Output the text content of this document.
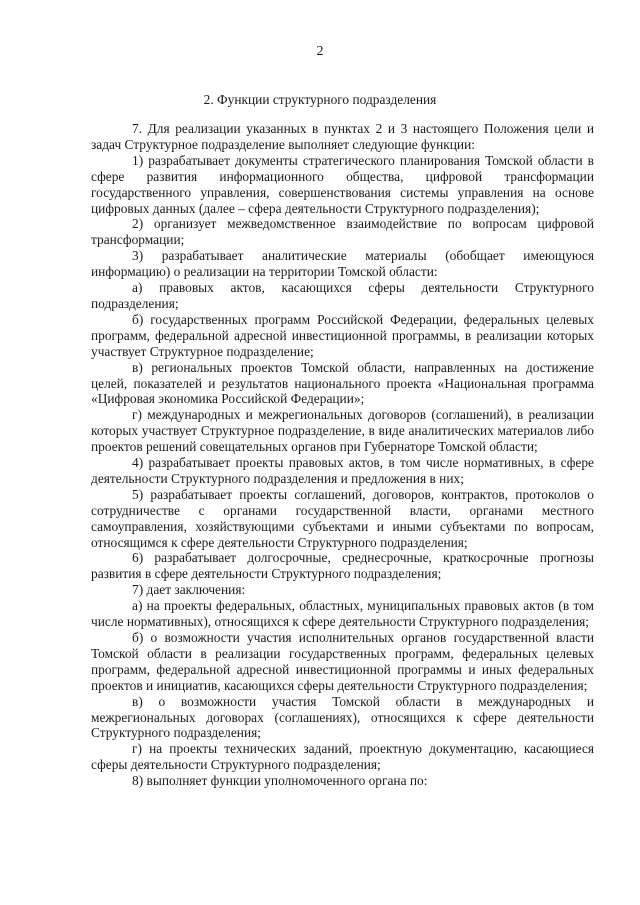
2
2. Функции структурного подразделения

7. Для реализации указанных в пунктах 2 и 3 настоящего Положения цели и задач Структурное подразделение выполняет следующие функции:

1) разрабатывает документы стратегического планирования Томской области в сфере развития информационного общества, цифровой трансформации государственного управления, совершенствования системы управления на основе цифровых данных (далее – сфера деятельности Структурного подразделения);

2) организует межведомственное взаимодействие по вопросам цифровой трансформации;

3) разрабатывает аналитические материалы (обобщает имеющуюся информацию) о реализации на территории Томской области:

а) правовых актов, касающихся сферы деятельности Структурного подразделения;

б) государственных программ Российской Федерации, федеральных целевых программ, федеральной адресной инвестиционной программы, в реализации которых участвует Структурное подразделение;

в) региональных проектов Томской области, направленных на достижение целей, показателей и результатов национального проекта «Национальная программа «Цифровая экономика Российской Федерации»;

г) международных и межрегиональных договоров (соглашений), в реализации которых участвует Структурное подразделение, в виде аналитических материалов либо проектов решений совещательных органов при Губернаторе Томской области;

4) разрабатывает проекты правовых актов, в том числе нормативных, в сфере деятельности Структурного подразделения и предложения в них;

5) разрабатывает проекты соглашений, договоров, контрактов, протоколов о сотрудничестве с органами государственной власти, органами местного самоуправления, хозяйствующими субъектами и иными субъектами по вопросам, относящимся к сфере деятельности Структурного подразделения;

6) разрабатывает долгосрочные, среднесрочные, краткосрочные прогнозы развития в сфере деятельности Структурного подразделения;

7) дает заключения:

а) на проекты федеральных, областных, муниципальных правовых актов (в том числе нормативных), относящихся к сфере деятельности Структурного подразделения;

б) о возможности участия исполнительных органов государственной власти Томской области в реализации государственных программ, федеральных целевых программ, федеральной адресной инвестиционной программы и иных федеральных проектов и инициатив, касающихся сферы деятельности Структурного подразделения;

в) о возможности участия Томской области в международных и межрегиональных договорах (соглашениях), относящихся к сфере деятельности Структурного подразделения;

г) на проекты технических заданий, проектную документацию, касающиеся сферы деятельности Структурного подразделения;

8) выполняет функции уполномоченного органа по:
